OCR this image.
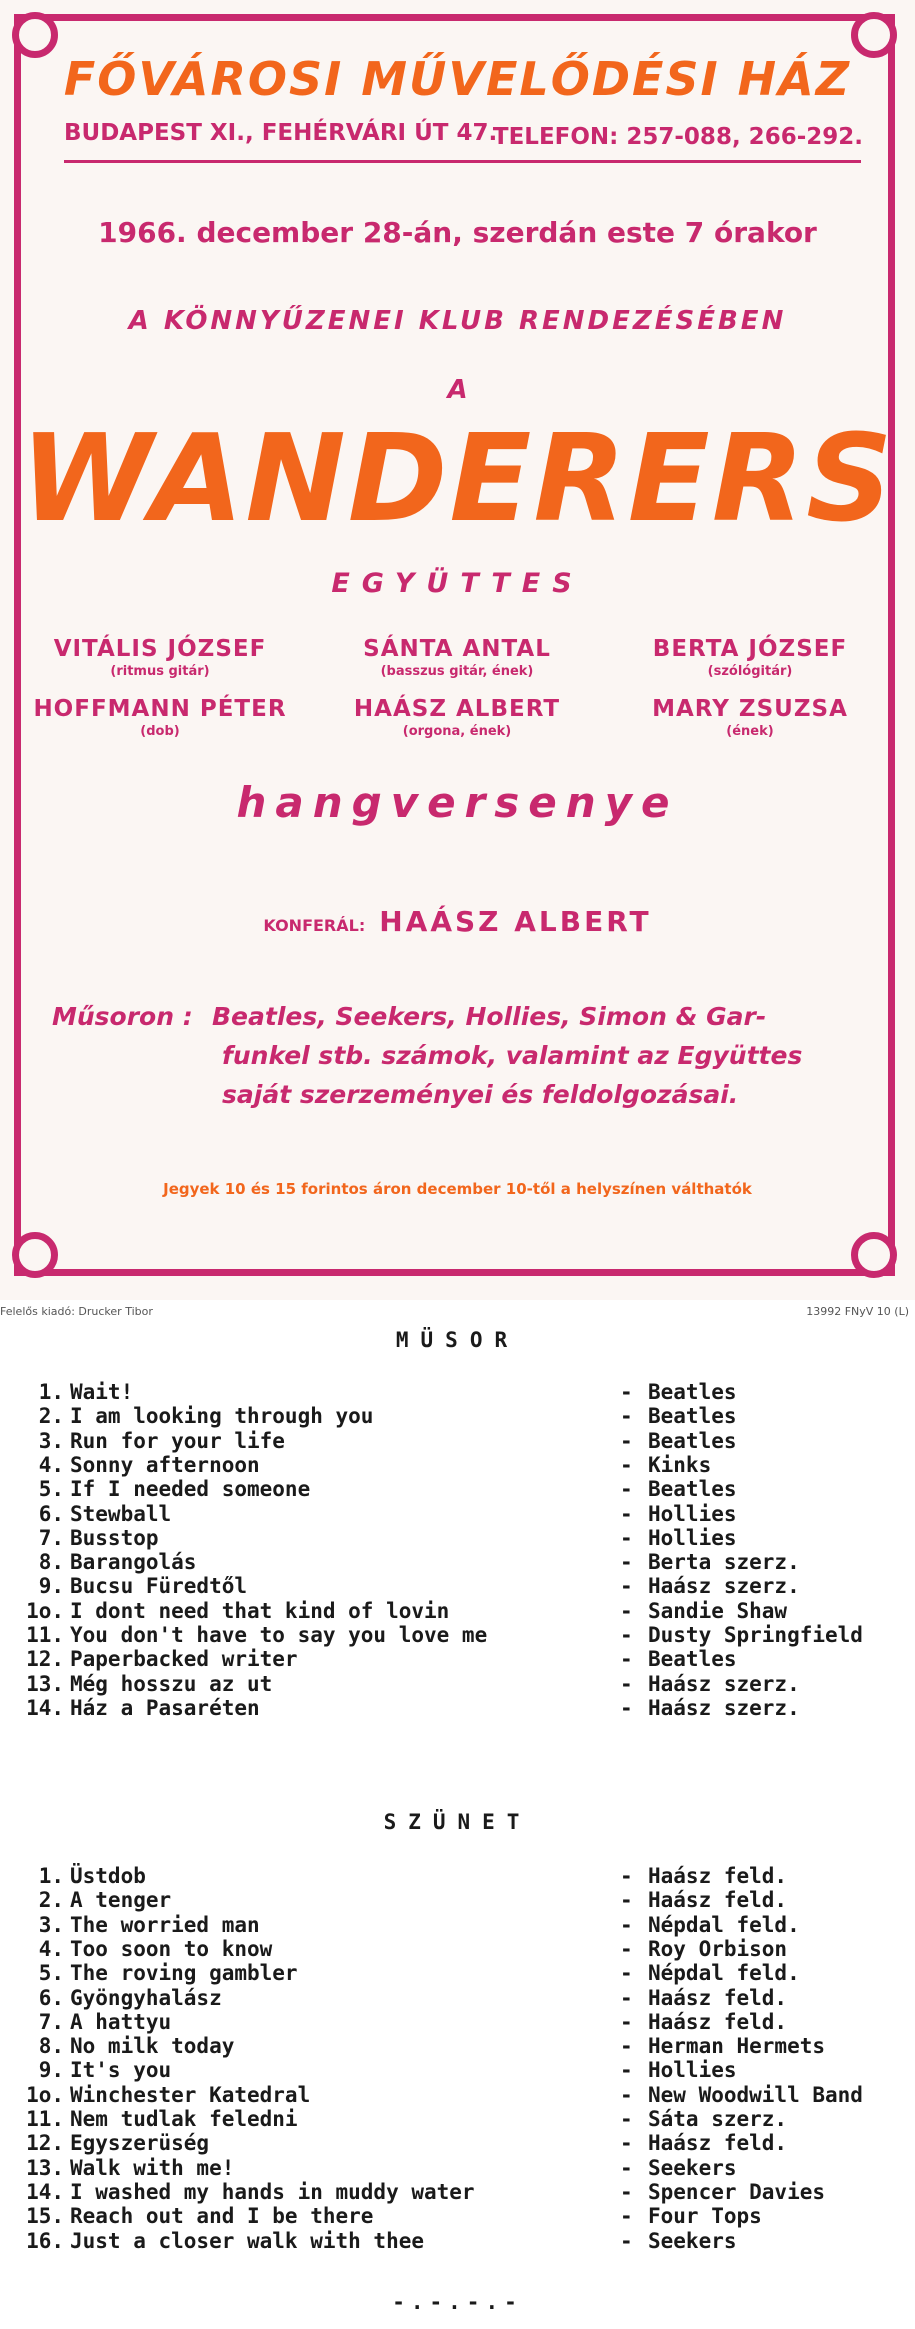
FŐVÁROSI MŰVELŐDÉSI HÁZ
BUDAPEST XI., FEHÉRVÁRI ÚT 47.
TELEFON: 257-088, 266-292.
1966. december 28-án, szerdán este 7 órakor
A KÖNNYŰZENEI KLUB RENDEZÉSÉBEN
A
WANDERERS
EGYÜTTES
VITÁLIS JÓZSEF
(ritmus gitár)
SÁNTA ANTAL
(basszus gitár, ének)
BERTA JÓZSEF
(szólógitár)
HOFFMANN PÉTER
(dob)
HAÁSZ ALBERT
(orgona, ének)
MARY ZSUZSA
(ének)
hangversenye
KONFERÁL: HAÁSZ ALBERT
Műsoron : Beatles, Seekers, Hollies, Simon & Gar-
funkel stb. számok, valamint az Együttes
saját szerzeményei és feldolgozásai.
Jegyek 10 és 15 forintos áron december 10-től a helyszínen válthatók
Felelős kiadó: Drucker Tibor	13992 FNyV 10 (L)
MÜSOR
1. Wait!	- Beatles
2. I am looking through you	- Beatles
3. Run for your life	- Beatles
4. Sonny afternoon	- Kinks
5. If I needed someone	- Beatles
6. Stewball	- Hollies
7. Busstop	- Hollies
8. Barangolás	- Berta szerz.
9. Bucsu Füredtől	- Haász szerz.
1o. I dont need that kind of lovin	- Sandie Shaw
11. You don't have to say you love me	- Dusty Springfield
12. Paperbacked writer	- Beatles
13. Még hosszu az ut	- Haász szerz.
14. Ház a Pasaréten	- Haász szerz.
SZÜNET
1. Üstdob	- Haász feld.
2. A tenger	- Haász feld.
3. The worried man	- Népdal feld.
4. Too soon to know	- Roy Orbison
5. The roving gambler	- Népdal feld.
6. Gyöngyhalász	- Haász feld.
7. A hattyu	- Haász feld.
8. No milk today	- Herman Hermets
9. It's you	- Hollies
1o. Winchester Katedral	- New Woodwill Band
11. Nem tudlak feledni	- Sáta szerz.
12. Egyszerüség	- Haász feld.
13. Walk with me!	- Seekers
14. I washed my hands in muddy water	- Spencer Davies
15. Reach out and I be there	- Four Tops
16. Just a closer walk with thee	- Seekers
-.-.-.-
